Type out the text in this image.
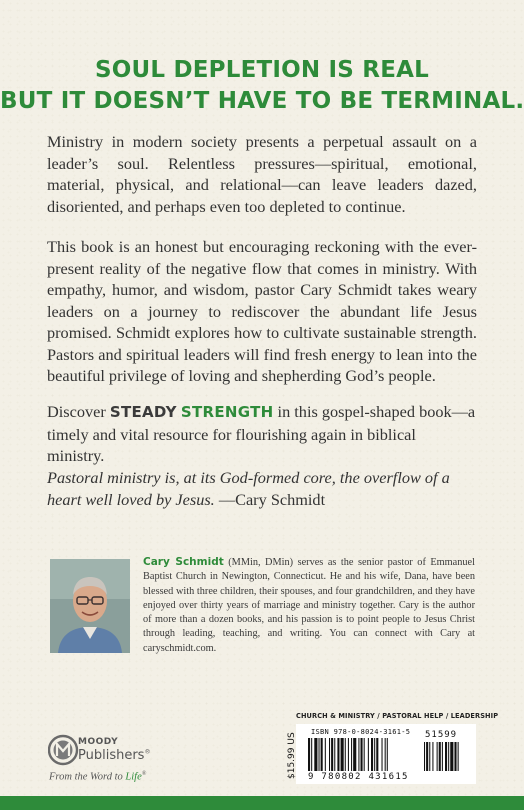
SOUL DEPLETION IS REAL
BUT IT DOESN’T HAVE TO BE TERMINAL.
Ministry in modern society presents a perpetual assault on a leader’s soul. Relentless pressures—spiritual, emotional, material, physical, and relational—can leave leaders dazed, disoriented, and perhaps even too depleted to continue.
This book is an honest but encouraging reckoning with the ever-present reality of the negative flow that comes in ministry. With empathy, humor, and wisdom, pastor Cary Schmidt takes weary leaders on a journey to rediscover the abundant life Jesus promised. Schmidt explores how to cultivate sustainable strength. Pastors and spiritual leaders will find fresh energy to lean into the beautiful privilege of loving and shepherding God’s people.
Discover STEADY STRENGTH in this gospel-shaped book—a timely and vital resource for flourishing again in biblical ministry.
Pastoral ministry is, at its God-formed core, the overflow of a heart well loved by Jesus. —Cary Schmidt
Cary Schmidt (MMin, DMin) serves as the senior pastor of Emmanuel Baptist Church in Newington, Connecticut. He and his wife, Dana, have been blessed with three children, their spouses, and four grandchildren, and they have enjoyed over thirty years of marriage and ministry together. Cary is the author of more than a dozen books, and his passion is to point people to Jesus Christ through leading, teaching, and writing. You can connect with Cary at caryschmidt.com.
MOODY
Publishers®
From the Word to Life®
CHURCH & MINISTRY / PASTORAL HELP / LEADERSHIP
$15.99 US
ISBN 978-0-8024-3161-5 51599
9 780802 431615
